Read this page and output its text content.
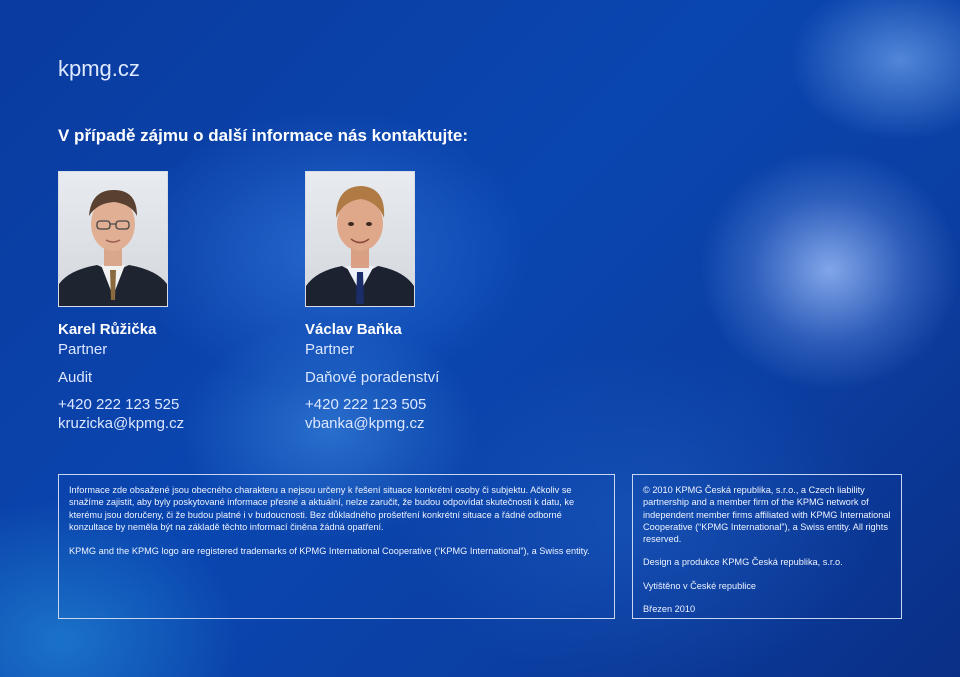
kpmg.cz
V případě zájmu o další informace nás kontaktujte:
Karel Růžička
Partner
Audit
+420 222 123 525
kruzicka@kpmg.cz
Václav Baňka
Partner
Daňové poradenství
+420 222 123 505
vbanka@kpmg.cz
Informace zde obsažené jsou obecného charakteru a nejsou určeny k řešení situace konkrétní osoby či subjektu. Ačkoliv se snažíme zajistit, aby byly poskytované informace přesné a aktuální, nelze zaručit, že budou odpovídat skutečnosti k datu, ke kterému jsou doručeny, či že budou platné i v budoucnosti. Bez důkladného prošetření konkrétní situace a řádné odborné konzultace by neměla být na základě těchto informací činěna žádná opatření.
KPMG and the KPMG logo are registered trademarks of KPMG International Cooperative (“KPMG International”), a Swiss entity.
© 2010 KPMG Česká republika, s.r.o., a Czech liability partnership and a member firm of the KPMG network of independent member firms affiliated with KPMG International Cooperative (“KPMG International”), a Swiss entity. All rights reserved.
Design a produkce KPMG Česká republika, s.r.o.
Vytištěno v České republice
Březen 2010
